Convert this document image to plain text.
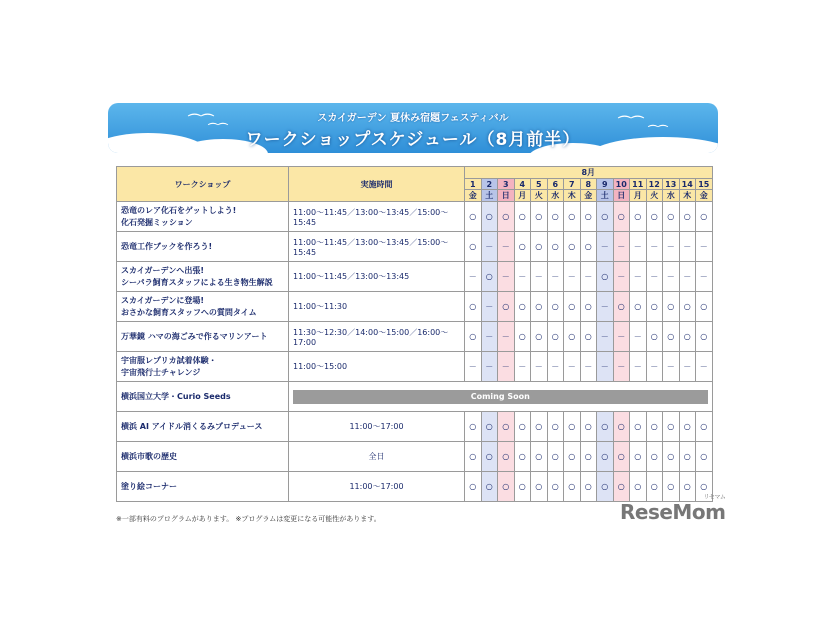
⌒⌒
⌒⌒	⌒⌒
⌒⌒
スカイガーデン 夏休み宿題フェスティバル
ワークショップスケジュール（8月前半）
ワークショップ	実施時間	8月														
		1	2	3	4	5	6	7	8	9	10	11	12	13	14	15
		金	土	日	月	火	水	木	金	土	日	月	火	水	木	金

恐竜のレア化石をゲットしよう!
化石発掘ミッション	11:00～11:45／13:00～13:45／15:00～15:45	○	○	○	○	○	○	○	○	○	○	○	○	○	○	○

恐竜工作ブックを作ろう!	11:00～11:45／13:00～13:45／15:00～15:45	○	－	－	○	○	○	○	○	－	－	－	－	－	－	－

スカイガーデンへ出張!
シーパラ飼育スタッフによる生き物生解説	11:00～11:45／13:00～13:45	－	○	－	－	－	－	－	－	○	－	－	－	－	－	－

スカイガーデンに登場!
おさかな飼育スタッフへの質問タイム	11:00～11:30	○	－	○	○	○	○	○	○	－	○	○	○	○	○	○

万華鏡 ハマの海ごみで作るマリンアート	11:30～12:30／14:00～15:00／16:00～17:00	○	－	－	○	○	○	○	○	－	－	－	○	○	○	○

宇宙服レプリカ試着体験・
宇宙飛行士チャレンジ	11:00～15:00	－	－	－	－	－	－	－	－	－	－	－	－	－	－	－

横浜国立大学・Curio Seeds	Coming Soon															

横浜 AI アイドル消くるみプロデュース	11:00～17:00	○	○	○	○	○	○	○	○	○	○	○	○	○	○	○

横浜市歌の歴史	全日	○	○	○	○	○	○	○	○	○	○	○	○	○	○	○

塗り絵コーナー	11:00～17:00	○	○	○	○	○	○	○	○	○	○	○	○	○	○	○
※一部有料のプログラムがあります。 ※プログラムは変更になる可能性があります。	ReseMom
リセマム
